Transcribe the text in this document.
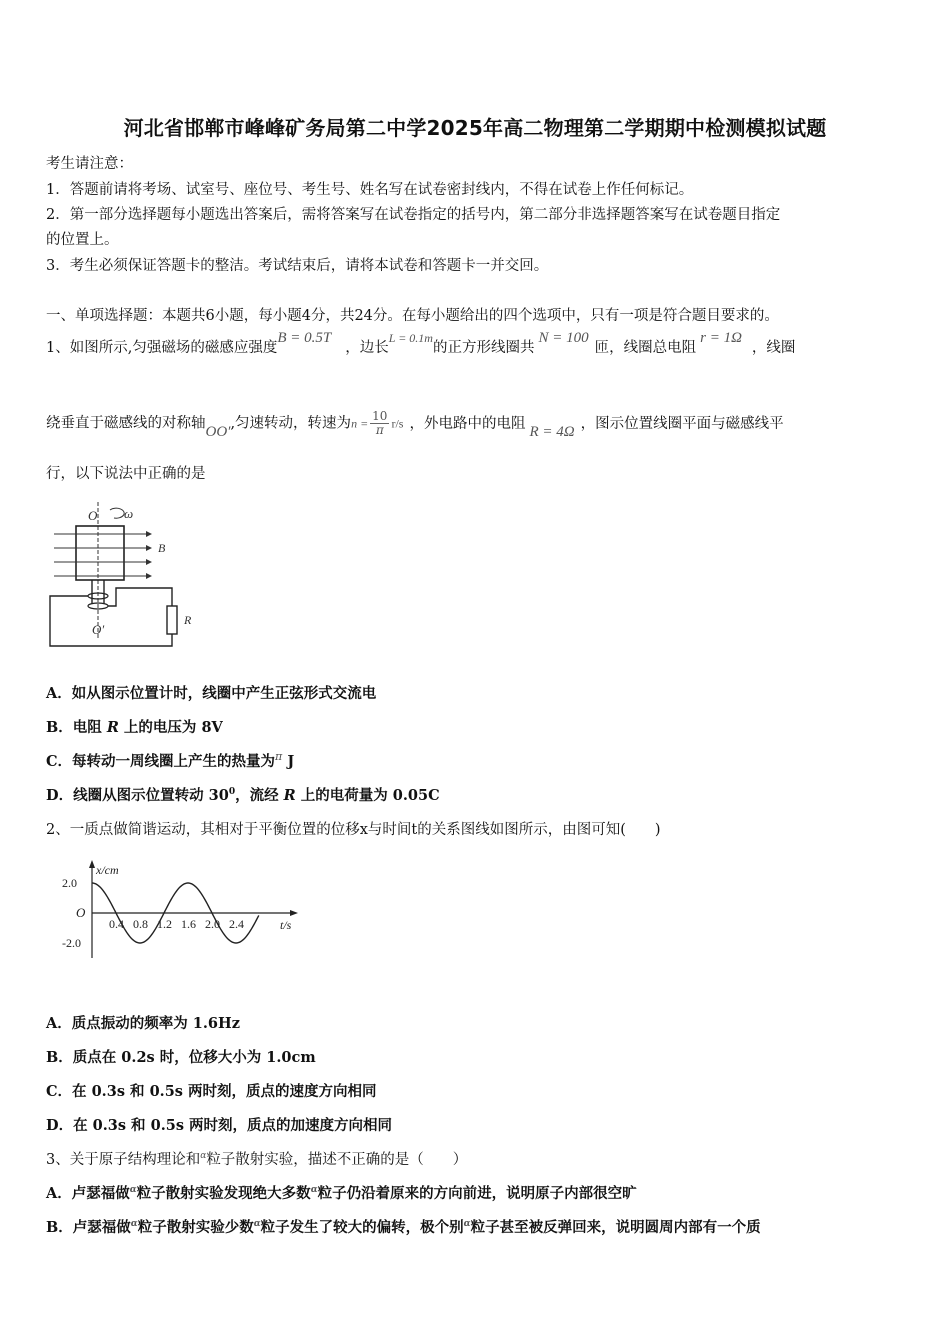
河北省邯郸市峰峰矿务局第二中学2025年高二物理第二学期期中检测模拟试题
考生请注意：
1．答题前请将考场、试室号、座位号、考生号、姓名写在试卷密封线内，不得在试卷上作任何标记。
2．第一部分选择题每小题选出答案后，需将答案写在试卷指定的括号内，第二部分非选择题答案写在试卷题目指定
的位置上。
3．考生必须保证答题卡的整洁。考试结束后，请将本试卷和答题卡一并交回。
一、单项选择题：本题共6小题，每小题4分，共24分。在每小题给出的四个选项中，只有一项是符合题目要求的。
1、如图所示,匀强磁场的磁感应强度B = 0.5T，边长$^{L = 0.1m}$的正方形线圈共N = 100匝，线圈总电阻r = 1Ω，线圈
绕垂直于磁感线的对称轴OO′,匀速转动，转速为$n = \frac{10}{\pi} r/s$ ，外电路中的电阻 R = 4Ω ，图示位置线圈平面与磁感线平
行，以下说法中正确的是
O ω
B
R
O′
A．如从图示位置计时，线圈中产生正弦形式交流电
B．电阻 R 上的电压为 8V
C．每转动一周线圈上产生的热量为$^\pi$ J
D．线圈从图示位置转动 $30^0$，流经 R 上的电荷量为 0.05C
2、一质点做简谐运动，其相对于平衡位置的位移x与时间t的关系图线如图所示，由图可知(　　)
x/cm
t/s
O
2.0
-2.0
0.4 0.8 1.2 1.6 2.0 2.4
A．质点振动的频率为 1.6Hz
B．质点在 0.2s 时，位移大小为 1.0cm
C．在 0.3s 和 0.5s 两时刻，质点的速度方向相同
D．在 0.3s 和 0.5s 两时刻，质点的加速度方向相同
3、关于原子结构理论和$^\alpha$粒子散射实验，描述不正确的是（　　）
A．卢瑟福做$^\alpha$粒子散射实验发现绝大多数$^\alpha$粒子仍沿着原来的方向前进，说明原子内部很空旷
B．卢瑟福做$^\alpha$粒子散射实验少数$^\alpha$粒子发生了较大的偏转，极个别$^\alpha$粒子甚至被反弹回来，说明圆周内部有一个质
